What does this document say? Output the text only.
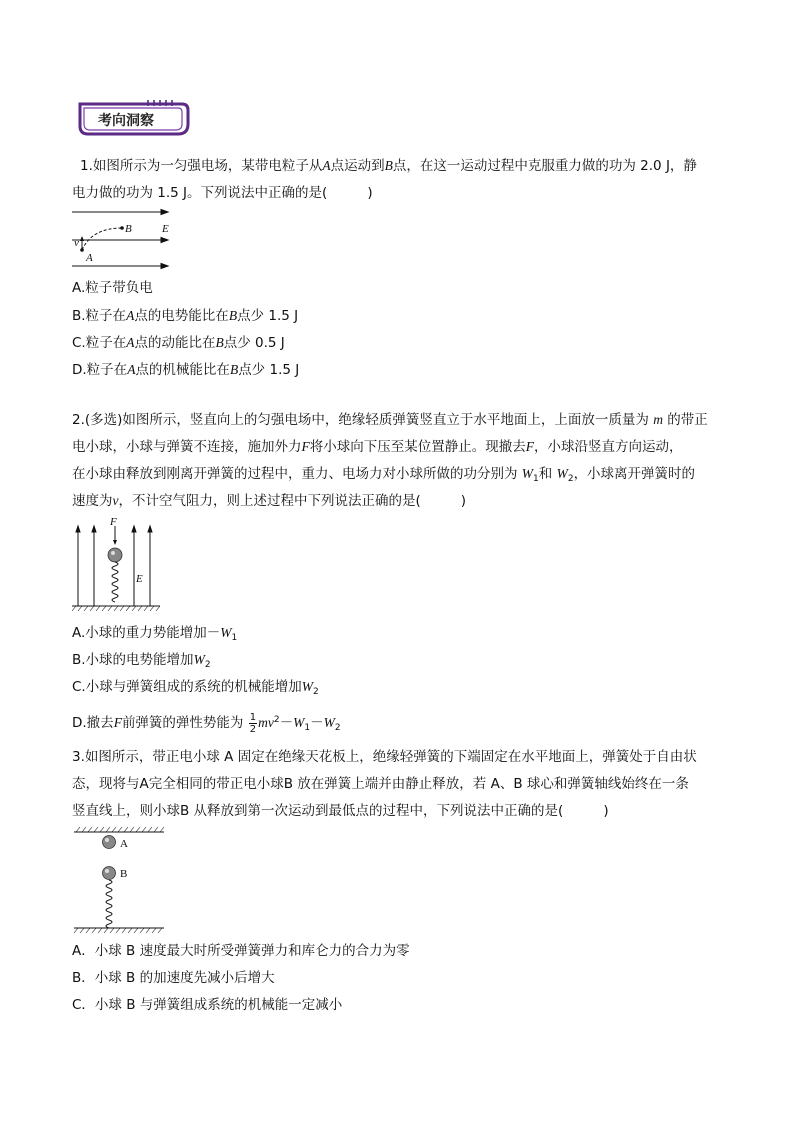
考向洞察
1.如图所示为一匀强电场，某带电粒子从A点运动到B点，在这一运动过程中克服重力做的功为 2.0 J，静
电力做的功为 1.5 J。下列说法中正确的是(	)
B	E
v
A
A.粒子带负电
B.粒子在A点的电势能比在B点少 1.5 J
C.粒子在A点的动能比在B点少 0.5 J
D.粒子在A点的机械能比在B点少 1.5 J
2.(多选)如图所示，竖直向上的匀强电场中，绝缘轻质弹簧竖直立于水平地面上，上面放一质量为 m 的带正
电小球，小球与弹簧不连接，施加外力F将小球向下压至某位置静止。现撤去F，小球沿竖直方向运动，
在小球由释放到刚离开弹簧的过程中，重力、电场力对小球所做的功分别为 $W_1$和 $W_2$，小球离开弹簧时的
速度为v，不计空气阻力，则上述过程中下列说法正确的是(	)
F
E
A.小球的重力势能增加$-W_1$
B.小球的电势能增加$W_2$
C.小球与弹簧组成的系统的机械能增加$W_2$
D.撤去F前弹簧的弹性势能为 $\frac{1}{2} mv^2-W_1-W_2$
3.如图所示，带正电小球 A 固定在绝缘天花板上，绝缘轻弹簧的下端固定在水平地面上，弹簧处于自由状
态，现将与A完全相同的带正电小球B 放在弹簧上端并由静止释放，若 A、B 球心和弹簧轴线始终在一条
竖直线上，则小球B 从释放到第一次运动到最低点的过程中，下列说法中正确的是(	)
A
B
A．小球 B 速度最大时所受弹簧弹力和库仑力的合力为零
B．小球 B 的加速度先减小后增大
C．小球 B 与弹簧组成系统的机械能一定减小
